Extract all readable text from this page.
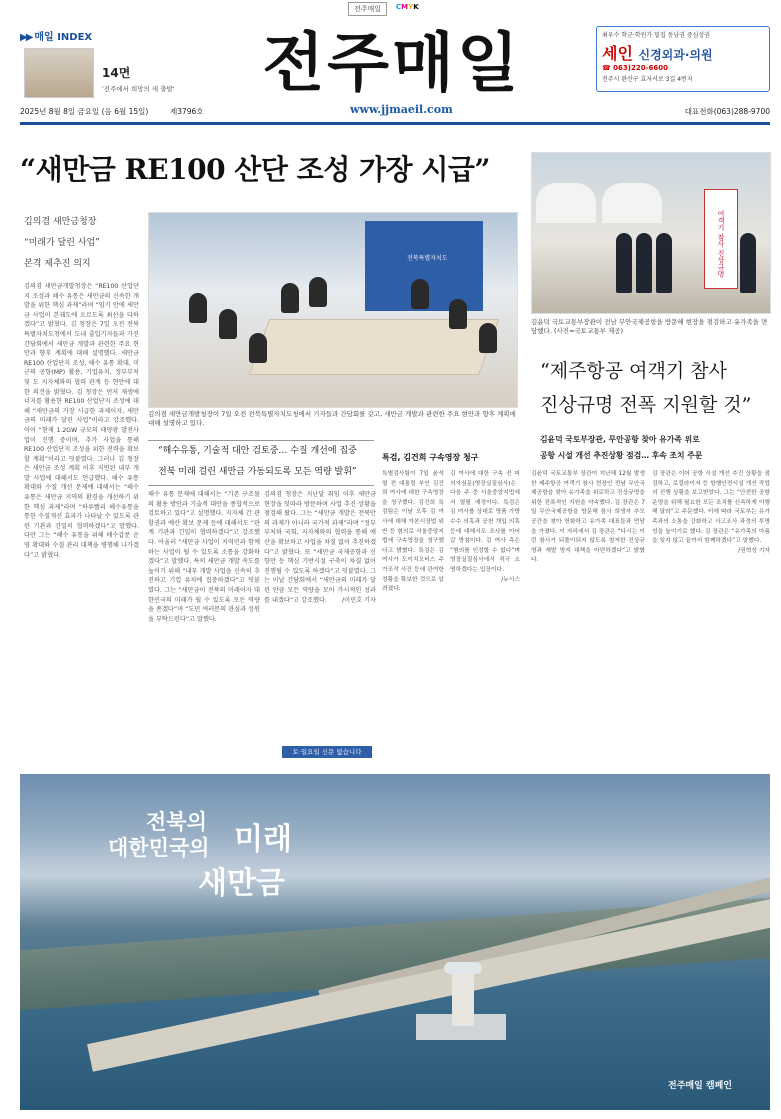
전주매일	CMYK
▶▶ 매일 INDEX
14면
'전주에서 희망의 새 출발' 전주매일	최우수 학군·학원가 밀집 동남권 중심상권
세인 신경외과·의원
☎ 063)220-6600
전주시 완산구 효자서로 3길 4번지
2025년 8월 8일 금요일 (음 6월 15일)	제3796호	www.jjmaeil.com	대표전화(063)288-9700
“새만금 RE100 산단 조성 가장 시급”
김의겸 새만금청장
“미래가 달린 사업”
본격 제추진 의지
전북특별자치도
김의겸 새만금개발청장이 7일 오전 전북특별자치도청에서 기자들과 간담회를 갖고, 새만금 개발과 관련한 주요 현안과 향후 계획에 대해 설명하고 있다.
김의겸 새만금개발청장은 “RE100 산업단지 조성과 해수 유통은 새만금의 신속한 개발을 위한 핵심 과제”라며 “임기 안에 새만금 사업이 본궤도에 오르도록 최선을 다하겠다”고 밝혔다. 김 청장은 7일 오전 전북특별자치도청에서 도내 출입기자들과 가진 간담회에서 새만금 개발과 관련한 주요 현안과 향후 계획에 대해 설명했다. 새만금 RE100 산업단지 조성, 해수 유통 확대, 미군의 공항(MP) 활용, 기업유치, 정부부처 및 도 지자체와의 협력 관계 등 현안에 대한 의견을 밝혔다. 김 청장은 먼저 재생에너지를 활용한 RE100 산업단지 조성에 대해 “새만금의 가장 시급한 과제이자, 새만금의 미래가 달린 사업”이라고 강조했다. 이어 “현재 1.2GW 규모의 태양광 발전사업이 진행 중이며, 추가 사업을 통해 RE100 산업단지 조성을 위한 전력을 확보할 계획”이라고 덧붙였다. 그러나 김 청장은 새만금 조성 계획 이후 지연된 내부 개발 사업에 대해서도 언급했다. 해수 유통 확대와 수질 개선 문제에 대해서는 “해수 유통은 새만금 지역의 환경을 개선하기 위한 핵심 과제”라며 “하루빨리 해수유통을 통한 수질개선 효과가 나타날 수 있도록 관련 기관과 긴밀히 협력하겠다”고 말했다. 다만 그는 “해수 유통을 위해 배수갑문 운영 확대와 수질 관리 대책을 병행해 나가겠다”고 밝혔다.
“해수유통, 기술적 대안 검토중… 수질 개선에 집중
전북 미래 걸린 새만금 가동되도록 모든 역량 발휘”
해수 유통 문제에 대해서는 “기존 구조물의 활용 방안과 기술적 대안을 종합적으로 검토하고 있다”고 설명했다. 지자체 간 관할권과 예산 확보 문제 등에 대해서도 “관계 기관과 긴밀히 협력하겠다”고 강조했다. 아울러 “새만금 사업이 지역민과 함께하는 사업이 될 수 있도록 소통을 강화하겠다”고 말했다. 특히 새만금 개발 속도를 높이기 위해 “내부 개발 사업을 신속히 추진하고 기업 유치에 집중하겠다”고 덧붙였다. 그는 “새만금이 전북의 미래이자 대한민국의 미래가 될 수 있도록 모든 역량을 쏟겠다”며 “도민 여러분의 관심과 성원을 부탁드린다”고 말했다.
김의겸 청장은 지난달 취임 이후 새만금 현장을 잇따라 방문하며 사업 추진 상황을 점검해 왔다. 그는 “새만금 개발은 전북만의 과제가 아니라 국가적 과제”라며 “정부 부처와 국회, 지자체와의 협력을 통해 예산을 확보하고 사업을 차질 없이 추진하겠다”고 밝혔다. 또 “새만금 국제공항과 신항만 등 핵심 기반시설 구축이 차질 없이 진행될 수 있도록 하겠다”고 덧붙였다. 그는 이날 간담회에서 “새만금의 미래가 달린 만큼 모든 역량을 모아 가시적인 성과를 내겠다”고 강조했다. /이민호 기자
토·일요일 신문 없습니다
특검, 김건희 구속영장 청구
특별검사팀이 7일 윤석열 전 대통령 부인 김건희 여사에 대한 구속영장을 청구했다. 김건희 특검팀은 이날 오후 김 여사에 대해 자본시장법 위반 등 혐의로 서울중앙지법에 구속영장을 청구했다고 밝혔다. 특검은 김 여사가 도이치모터스 주가조작 사건 등에 관여한 정황을 확보한 것으로 알려졌다.
김 여사에 대한 구속 전 피의자심문(영장실질심사)은 다음 주 중 서울중앙지법에서 열릴 예정이다. 특검은 김 여사를 상대로 명품 가방 수수 의혹과 공천 개입 의혹 등에 대해서도 조사를 이어갈 방침이다. 김 여사 측은 “혐의를 인정할 수 없다”며 영장실질심사에서 적극 소명하겠다는 입장이다.
/뉴시스
여객기 참사 진상규명
김윤덕 국토교통부장관이 전남 무안국제공항을 방문해 현장을 점검하고 유가족을 면담했다. (사진=국토교통부 제공)
“제주항공 여객기 참사
진상규명 전폭 지원할 것”
김윤덕 국토부장관, 무안공항 찾아 유가족 위로
공항 시설 개선 추진상황 점검… 후속 조치 주문
김윤덕 국토교통부 장관이 지난해 12월 발생한 제주항공 여객기 참사 현장인 전남 무안국제공항을 찾아 유가족을 위로하고 진상규명을 위한 전폭적인 지원을 약속했다. 김 장관은 7일 무안국제공항을 방문해 참사 희생자 추모 공간을 찾아 헌화하고 유가족 대표들과 면담을 가졌다. 이 자리에서 김 장관은 “다시는 이런 참사가 되풀이되지 않도록 철저한 진상규명과 재발 방지 대책을 마련하겠다”고 밝혔다.
김 장관은 이어 공항 시설 개선 추진 상황을 점검하고, 로컬라이저 등 항행안전시설 개선 작업의 진행 상황을 보고받았다. 그는 “안전한 공항 운영을 위해 필요한 모든 조치를 신속하게 이행해 달라”고 주문했다. 이에 따라 국토부는 유가족과의 소통을 강화하고 사고조사 과정의 투명성을 높이기로 했다. 김 장관은 “유가족의 아픔을 잊지 않고 끝까지 함께하겠다”고 말했다.
/권혁성 기자
전북의
대한민국의 미래
새만금
전주매일 캠페인
